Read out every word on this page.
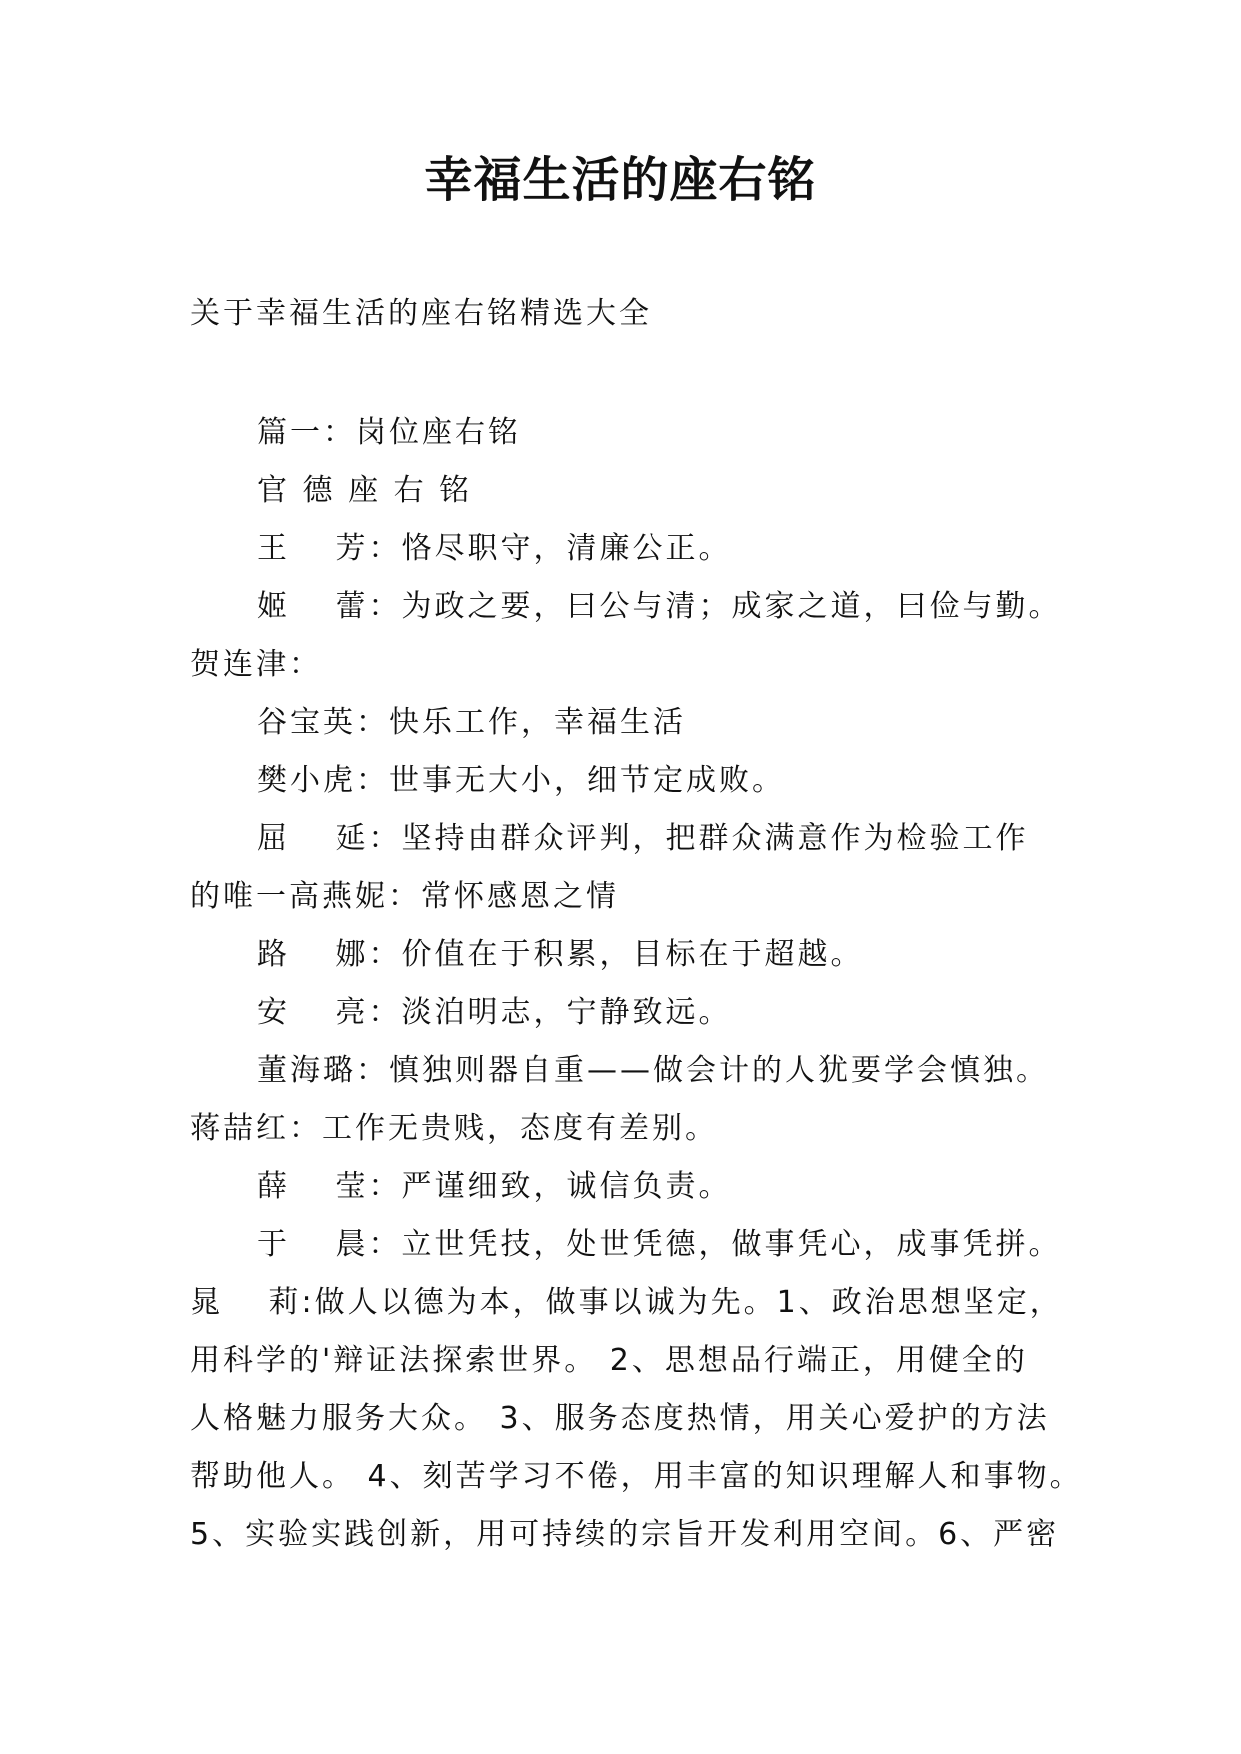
幸福生活的座右铭
关于幸福生活的座右铭精选大全
篇一：岗位座右铭
官 德 座 右 铭
王　 芳：恪尽职守，清廉公正。
姬　 蕾：为政之要，曰公与清；成家之道，曰俭与勤。
贺连津：
谷宝英：快乐工作，幸福生活
樊小虎：世事无大小，细节定成败。
屈　 延：坚持由群众评判，把群众满意作为检验工作
的唯一高燕妮：常怀感恩之情
路　 娜：价值在于积累，目标在于超越。
安　 亮：淡泊明志，宁静致远。
董海璐：慎独则器自重——做会计的人犹要学会慎独。
蒋喆红：工作无贵贱，态度有差别。
薛　 莹：严谨细致，诚信负责。
于　 晨：立世凭技，处世凭德，做事凭心，成事凭拼。
晁　 莉:做人以德为本，做事以诚为先。1、政治思想坚定，
用科学的'辩证法探索世界。 2、思想品行端正，用健全的
人格魅力服务大众。 3、服务态度热情，用关心爱护的方法
帮助他人。 4、刻苦学习不倦，用丰富的知识理解人和事物。
5、实验实践创新，用可持续的宗旨开发利用空间。6、严密
